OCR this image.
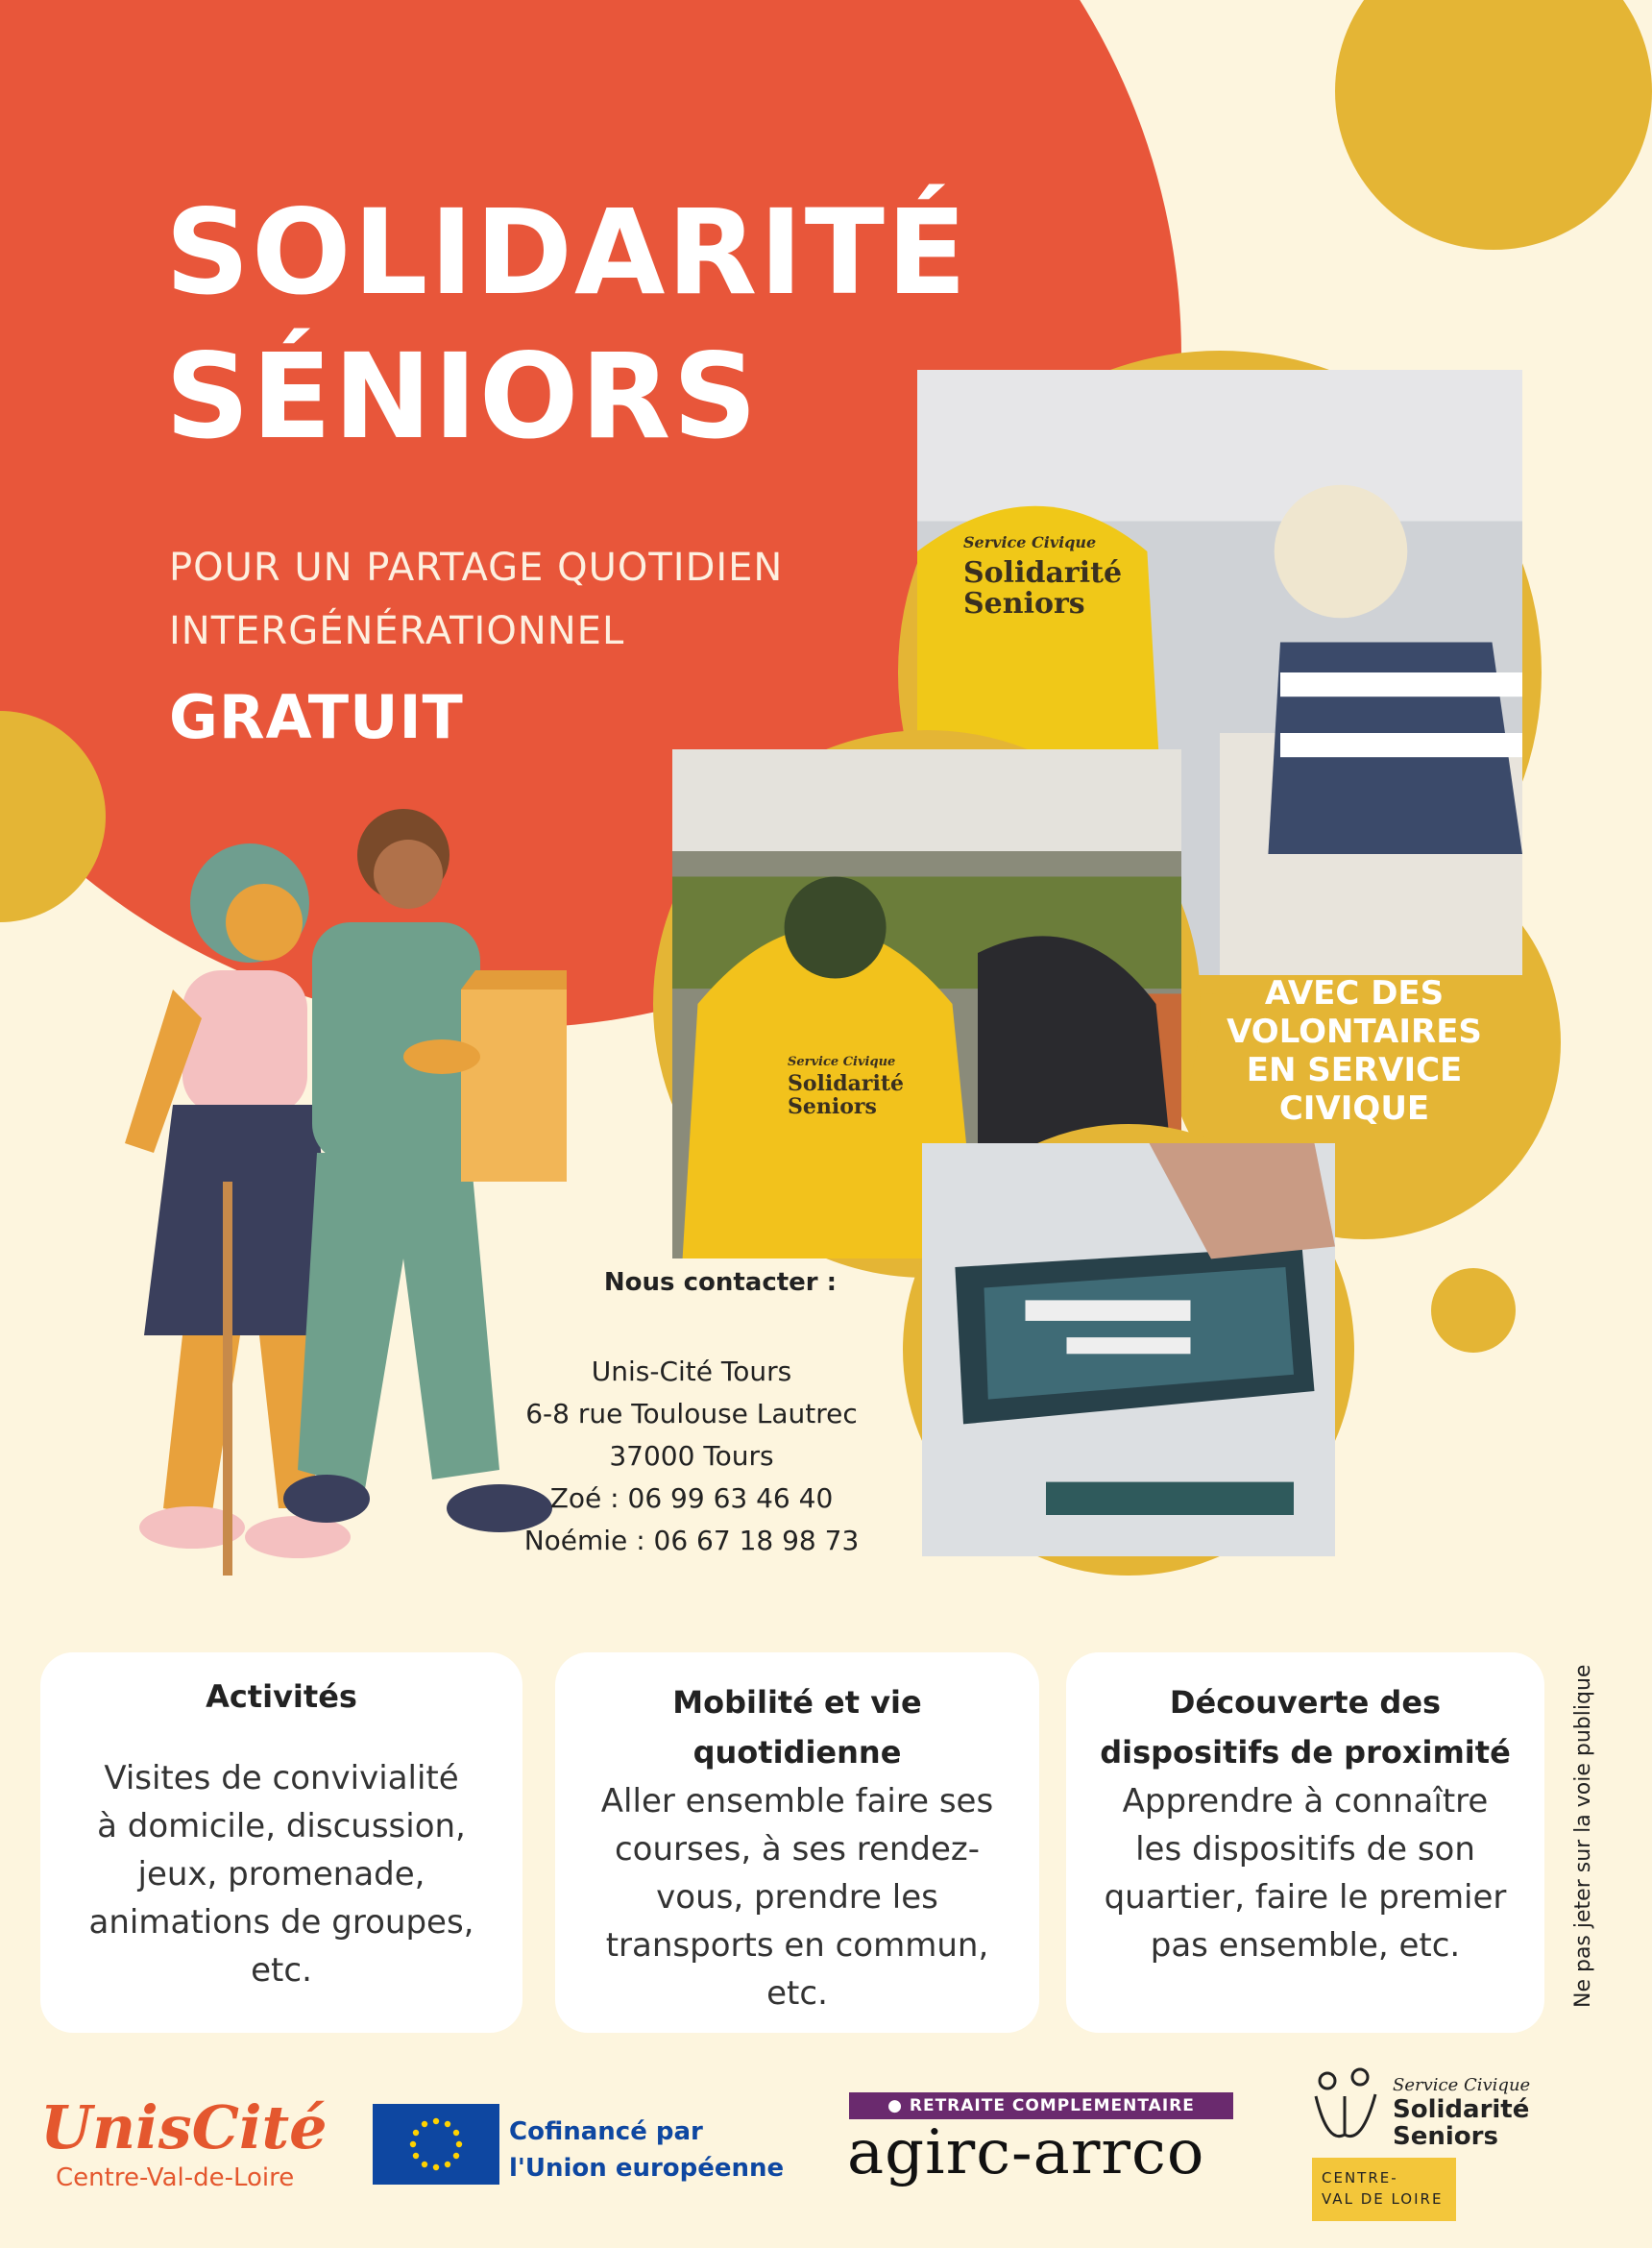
SOLIDARITÉ
SÉNIORS
POUR UN PARTAGE QUOTIDIEN
INTERGÉNÉRATIONNEL
GRATUIT
Service Civique
Solidarité
Seniors
Service Civique
Solidarité
Seniors
AVEC DES
VOLONTAIRES
EN SERVICE
CIVIQUE
Nous contacter :
Unis-Cité Tours
6-8 rue Toulouse Lautrec
37000 Tours
Zoé : 06 99 63 46 40
Noémie : 06 67 18 98 73
Activités

Visites de convivialité

à domicile, discussion,

jeux, promenade,

animations de groupes,

etc.

Mobilité et vie
quotidienne

Aller ensemble faire ses

courses, à ses rendez-

vous, prendre les

transports en commun,

etc.

Découverte des
dispositifs de proximité

Apprendre à connaître

les dispositifs de son

quartier, faire le premier

pas ensemble, etc.	Ne pas jeter sur la voie publique
UnisCité
Centre-Val-de-Loire
Cofinancé par
l'Union européenne
● RETRAITE COMPLEMENTAIRE
agirc-arrco
Service Civique
Solidarité
Seniors
CENTRE-
VAL DE LOIRE
